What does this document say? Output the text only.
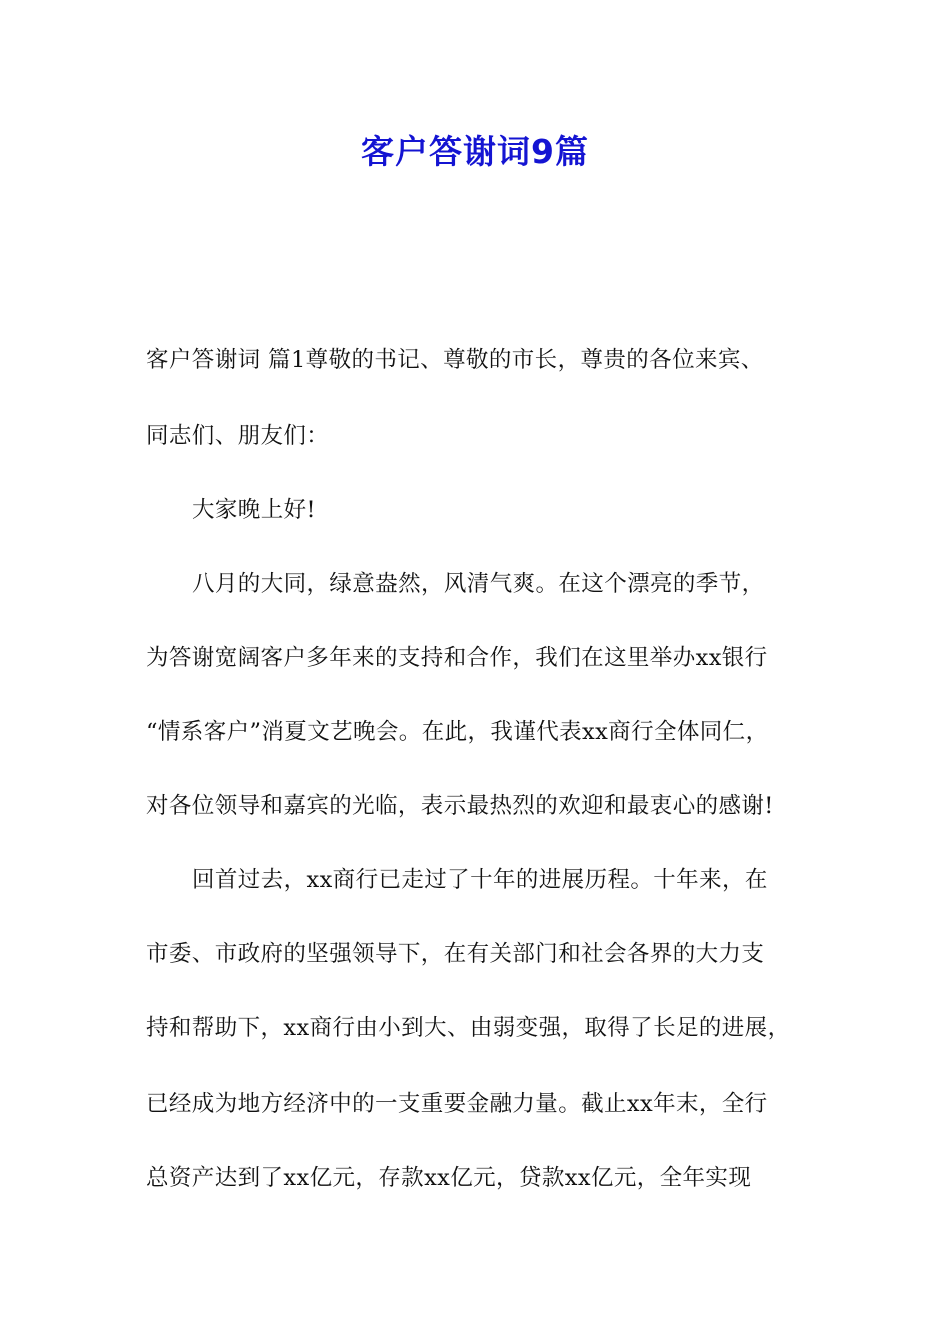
客户答谢词9篇
客户答谢词 篇1尊敬的书记、尊敬的市长，尊贵的各位来宾、
同志们、朋友们：
大家晚上好!
八月的大同，绿意盎然，风清气爽。在这个漂亮的季节，
为答谢宽阔客户多年来的支持和合作，我们在这里举办xx银行
“情系客户”消夏文艺晚会。在此，我谨代表xx商行全体同仁，
对各位领导和嘉宾的光临，表示最热烈的欢迎和最衷心的感谢!
回首过去，xx商行已走过了十年的进展历程。十年来，在
市委、市政府的坚强领导下，在有关部门和社会各界的大力支
持和帮助下，xx商行由小到大、由弱变强，取得了长足的进展，
已经成为地方经济中的一支重要金融力量。截止xx年末，全行
总资产达到了xx亿元，存款xx亿元，贷款xx亿元，全年实现
